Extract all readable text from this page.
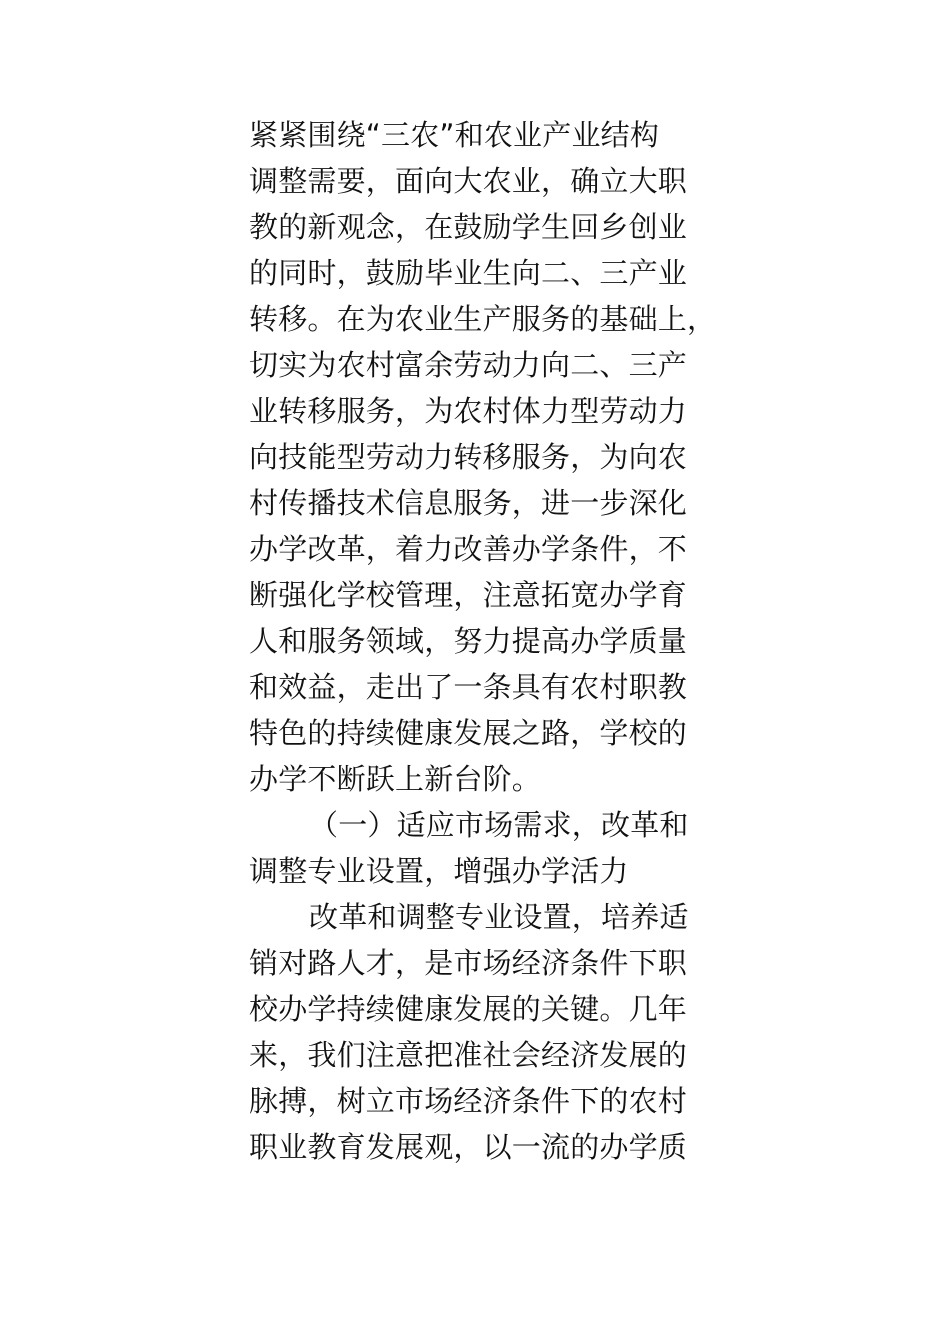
紧紧围绕“三农”和农业产业结构
调整需要，面向大农业，确立大职
教的新观念，在鼓励学生回乡创业
的同时，鼓励毕业生向二、三产业
转移。在为农业生产服务的基础上，
切实为农村富余劳动力向二、三产
业转移服务，为农村体力型劳动力
向技能型劳动力转移服务，为向农
村传播技术信息服务，进一步深化
办学改革，着力改善办学条件，不
断强化学校管理，注意拓宽办学育
人和服务领域，努力提高办学质量
和效益，走出了一条具有农村职教
特色的持续健康发展之路，学校的
办学不断跃上新台阶。
（一）适应市场需求，改革和
调整专业设置，增强办学活力
改革和调整专业设置，培养适
销对路人才，是市场经济条件下职
校办学持续健康发展的关键。几年
来，我们注意把准社会经济发展的
脉搏，树立市场经济条件下的农村
职业教育发展观，以一流的办学质
